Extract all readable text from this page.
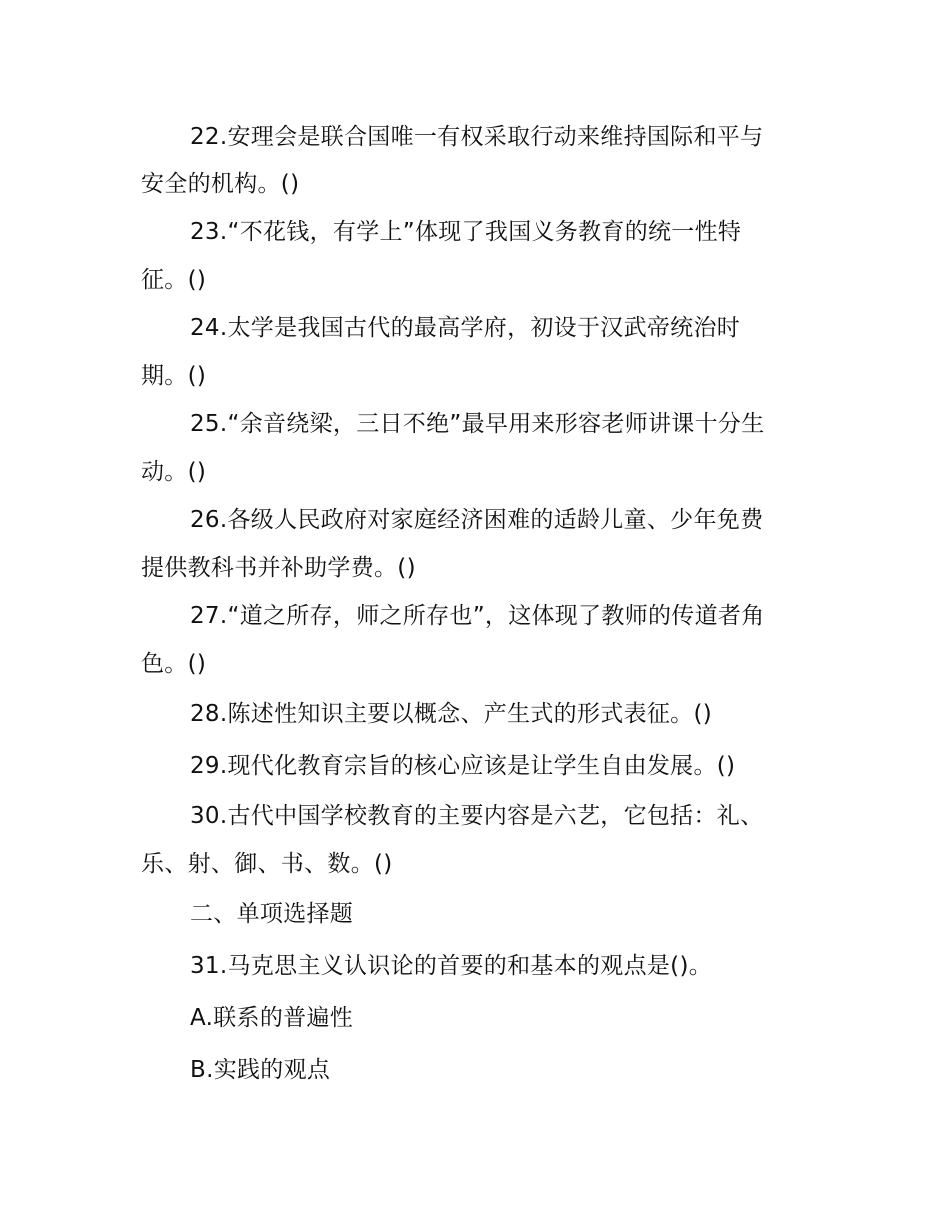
22.安理会是联合国唯一有权采取行动来维持国际和平与
安全的机构。()
23.“不花钱，有学上”体现了我国义务教育的统一性特
征。()
24.太学是我国古代的最高学府，初设于汉武帝统治时
期。()
25.“余音绕梁，三日不绝”最早用来形容老师讲课十分生
动。()
26.各级人民政府对家庭经济困难的适龄儿童、少年免费
提供教科书并补助学费。()
27.“道之所存，师之所存也”，这体现了教师的传道者角
色。()
28.陈述性知识主要以概念、产生式的形式表征。()
29.现代化教育宗旨的核心应该是让学生自由发展。()
30.古代中国学校教育的主要内容是六艺，它包括：礼、
乐、射、御、书、数。()
二、单项选择题
31.马克思主义认识论的首要的和基本的观点是()。
A.联系的普遍性
B.实践的观点
